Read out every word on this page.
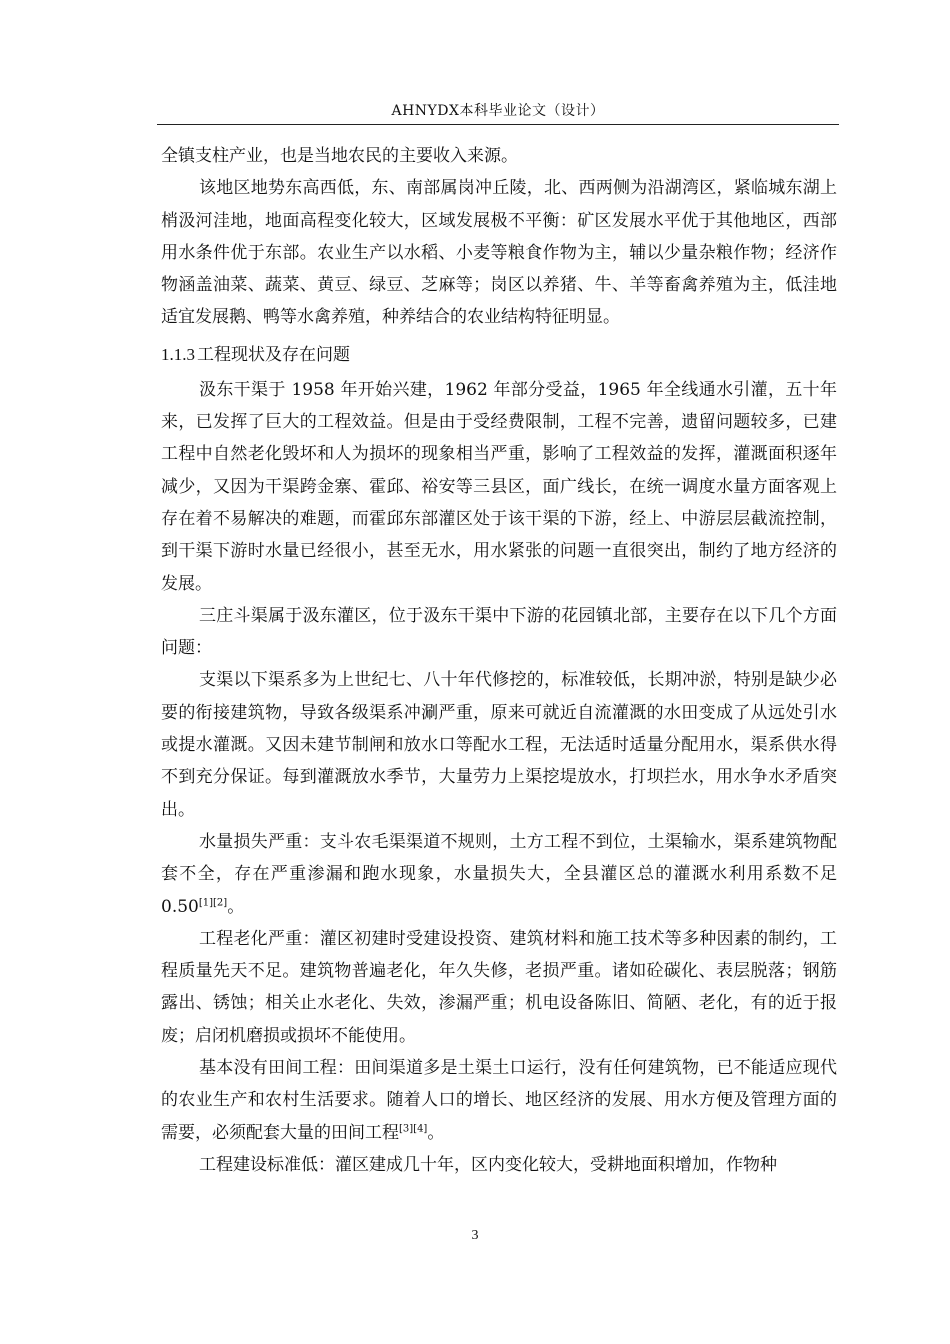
AHNYDX本科毕业论文（设计）

全镇支柱产业，也是当地农民的主要收入来源。

该地区地势东高西低，东、南部属岗冲丘陵，北、西两侧为沿湖湾区，紧临城东湖上梢汲河洼地，地面高程变化较大，区域发展极不平衡：矿区发展水平优于其他地区，西部用水条件优于东部。农业生产以水稻、小麦等粮食作物为主，辅以少量杂粮作物；经济作物涵盖油菜、蔬菜、黄豆、绿豆、芝麻等；岗区以养猪、牛、羊等畜禽养殖为主，低洼地适宜发展鹅、鸭等水禽养殖，种养结合的农业结构特征明显。

1.1.3 工程现状及存在问题

汲东干渠于 1958 年开始兴建，1962 年部分受益，1965 年全线通水引灌，五十年来，已发挥了巨大的工程效益。但是由于受经费限制，工程不完善，遗留问题较多，已建工程中自然老化毁坏和人为损坏的现象相当严重，影响了工程效益的发挥，灌溉面积逐年减少，又因为干渠跨金寨、霍邱、裕安等三县区，面广线长，在统一调度水量方面客观上存在着不易解决的难题，而霍邱东部灌区处于该干渠的下游，经上、中游层层截流控制，到干渠下游时水量已经很小，甚至无水，用水紧张的问题一直很突出，制约了地方经济的发展。

三庄斗渠属于汲东灌区，位于汲东干渠中下游的花园镇北部，主要存在以下几个方面问题：

支渠以下渠系多为上世纪七、八十年代修挖的，标准较低，长期冲淤，特别是缺少必要的衔接建筑物，导致各级渠系冲涮严重，原来可就近自流灌溉的水田变成了从远处引水或提水灌溉。又因未建节制闸和放水口等配水工程，无法适时适量分配用水，渠系供水得不到充分保证。每到灌溉放水季节，大量劳力上渠挖堤放水，打坝拦水，用水争水矛盾突出。

水量损失严重：支斗农毛渠渠道不规则，土方工程不到位，土渠输水，渠系建筑物配套不全，存在严重渗漏和跑水现象，水量损失大，全县灌区总的灌溉水利用系数不足 0.50[1][2]。

工程老化严重：灌区初建时受建设投资、建筑材料和施工技术等多种因素的制约，工程质量先天不足。建筑物普遍老化，年久失修，老损严重。诸如砼碳化、表层脱落；钢筋露出、锈蚀；相关止水老化、失效，渗漏严重；机电设备陈旧、简陋、老化，有的近于报废；启闭机磨损或损坏不能使用。

基本没有田间工程：田间渠道多是土渠土口运行，没有任何建筑物，已不能适应现代的农业生产和农村生活要求。随着人口的增长、地区经济的发展、用水方便及管理方面的需要，必须配套大量的田间工程[3][4]。

工程建设标准低：灌区建成几十年，区内变化较大，受耕地面积增加，作物种

3
